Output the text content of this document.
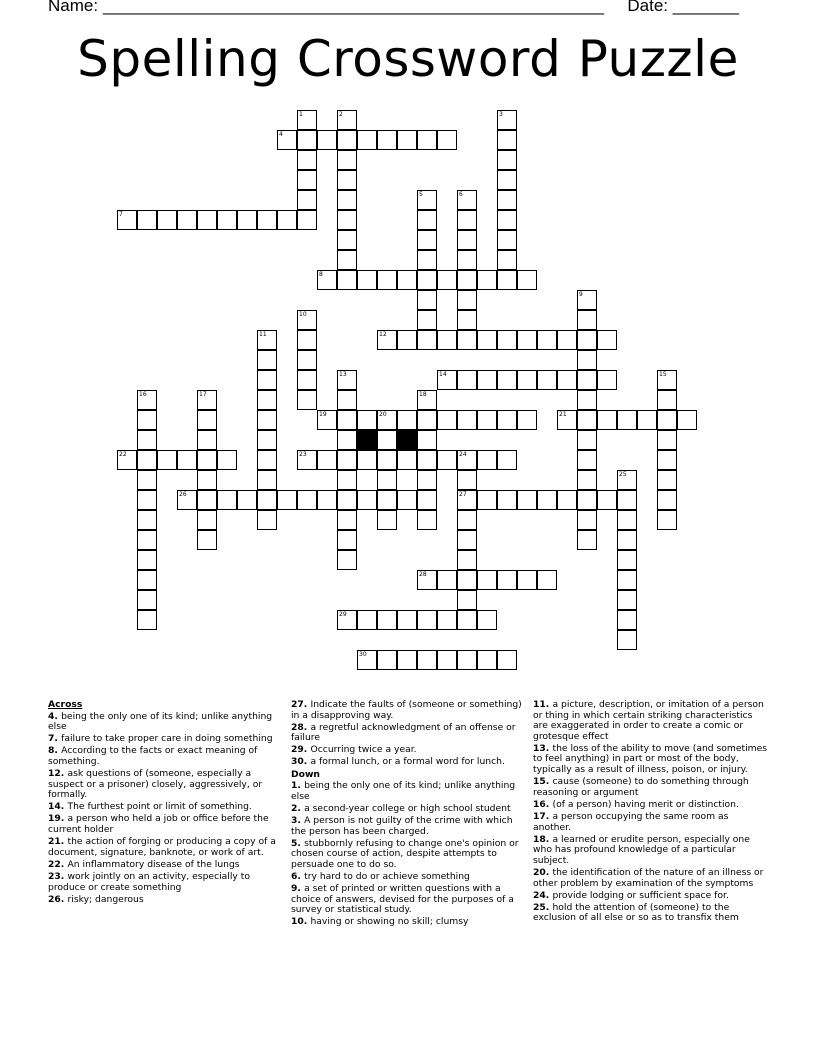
Name: _____________________________________________________ Date: _______
Spelling Crossword Puzzle
1	2	3
4
7
5	6
8
9
10
11	12
13	14	15
16	17	18
19	20	21
22	23	24
27
25
26
28
29
30
Across
4. being the only one of its kind; unlike anything else
7. failure to take proper care in doing something
8. According to the facts or exact meaning of something.
12. ask questions of (someone, especially a suspect or a prisoner) closely, aggressively, or formally.
14. The furthest point or limit of something.
19. a person who held a job or office before the current holder
21. the action of forging or producing a copy of a document, signature, banknote, or work of art.
22. An inflammatory disease of the lungs
23. work jointly on an activity, especially to produce or create something
26. risky; dangerous
27. Indicate the faults of (someone or something) in a disapproving way.
28. a regretful acknowledgment of an offense or failure
29. Occurring twice a year.
30. a formal lunch, or a formal word for lunch.
Down
1. being the only one of its kind; unlike anything else
2. a second-year college or high school student
3. A person is not guilty of the crime with which the person has been charged.
5. stubbornly refusing to change one's opinion or chosen course of action, despite attempts to persuade one to do so.
6. try hard to do or achieve something
9. a set of printed or written questions with a choice of answers, devised for the purposes of a survey or statistical study.
10. having or showing no skill; clumsy
11. a picture, description, or imitation of a person or thing in which certain striking characteristics are exaggerated in order to create a comic or grotesque effect
13. the loss of the ability to move (and sometimes to feel anything) in part or most of the body, typically as a result of illness, poison, or injury.
15. cause (someone) to do something through reasoning or argument
16. (of a person) having merit or distinction.
17. a person occupying the same room as another.
18. a learned or erudite person, especially one who has profound knowledge of a particular subject.
20. the identification of the nature of an illness or other problem by examination of the symptoms
24. provide lodging or sufficient space for.
25. hold the attention of (someone) to the exclusion of all else or so as to transfix them
